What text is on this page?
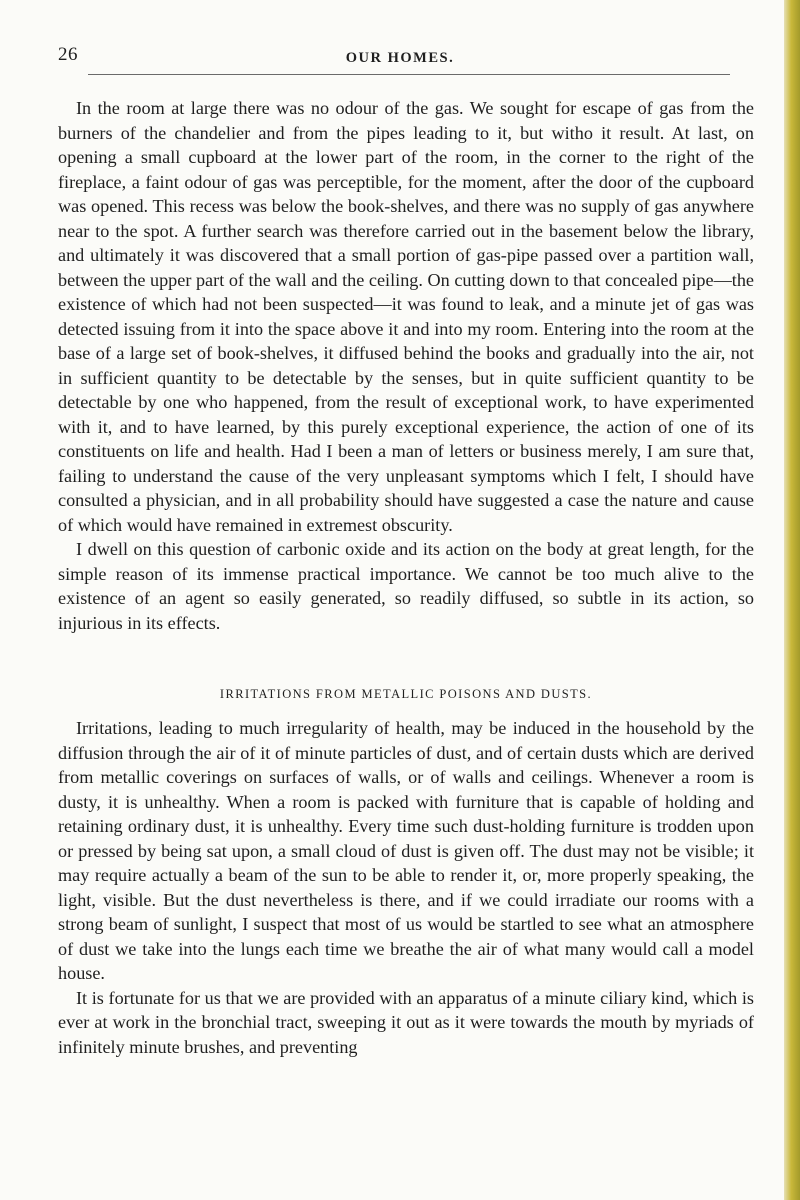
26	OUR HOMES.

In the room at large there was no odour of the gas. We sought for escape of gas from the burners of the chandelier and from the pipes leading to it, but witho it result. At last, on opening a small cupboard at the lower part of the room, in the corner to the right of the fireplace, a faint odour of gas was perceptible, for the moment, after the door of the cupboard was opened. This recess was below the book-shelves, and there was no supply of gas anywhere near to the spot. A further search was therefore carried out in the basement below the library, and ultimately it was discovered that a small portion of gas-pipe passed over a partition wall, between the upper part of the wall and the ceiling. On cutting down to that concealed pipe—the existence of which had not been suspected—it was found to leak, and a minute jet of gas was detected issuing from it into the space above it and into my room. Entering into the room at the base of a large set of book-shelves, it diffused behind the books and gradually into the air, not in sufficient quantity to be detectable by the senses, but in quite sufficient quantity to be detectable by one who happened, from the result of exceptional work, to have experimented with it, and to have learned, by this purely exceptional experience, the action of one of its constituents on life and health. Had I been a man of letters or business merely, I am sure that, failing to understand the cause of the very unpleasant symptoms which I felt, I should have consulted a physician, and in all probability should have suggested a case the nature and cause of which would have remained in extremest obscurity.

I dwell on this question of carbonic oxide and its action on the body at great length, for the simple reason of its immense practical importance. We cannot be too much alive to the existence of an agent so easily generated, so readily diffused, so subtle in its action, so injurious in its effects.

IRRITATIONS FROM METALLIC POISONS AND DUSTS.

Irritations, leading to much irregularity of health, may be induced in the household by the diffusion through the air of it of minute particles of dust, and of certain dusts which are derived from metallic coverings on surfaces of walls, or of walls and ceilings. Whenever a room is dusty, it is unhealthy. When a room is packed with furniture that is capable of holding and retaining ordinary dust, it is unhealthy. Every time such dust-holding furniture is trodden upon or pressed by being sat upon, a small cloud of dust is given off. The dust may not be visible; it may require actually a beam of the sun to be able to render it, or, more properly speaking, the light, visible. But the dust nevertheless is there, and if we could irradiate our rooms with a strong beam of sunlight, I suspect that most of us would be startled to see what an atmosphere of dust we take into the lungs each time we breathe the air of what many would call a model house.

It is fortunate for us that we are provided with an apparatus of a minute ciliary kind, which is ever at work in the bronchial tract, sweeping it out as it were towards the mouth by myriads of infinitely minute brushes, and preventing
